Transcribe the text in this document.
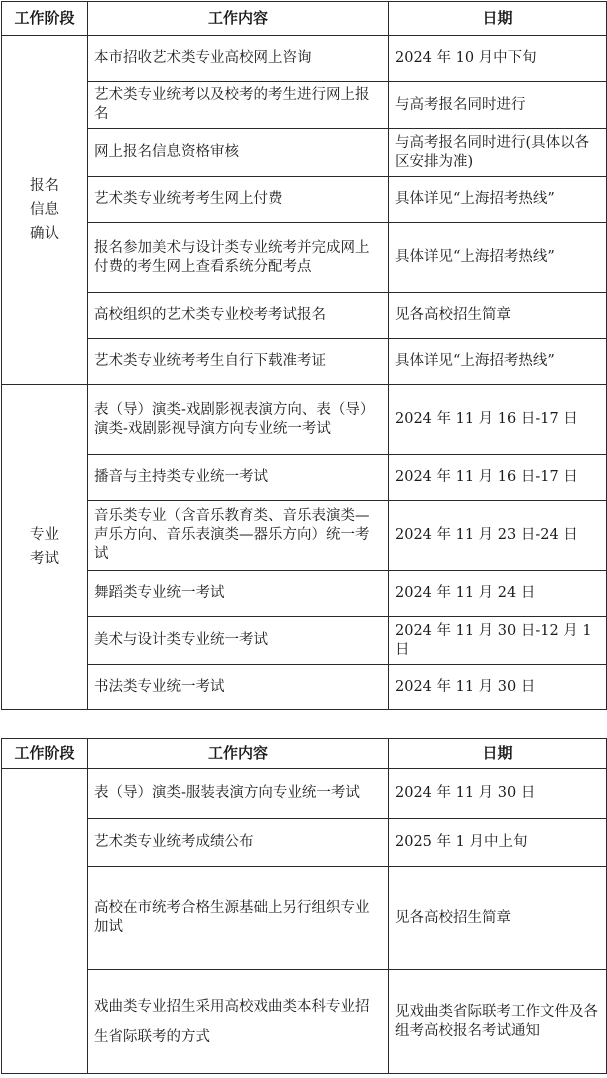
工作阶段	工作内容	日期
报名信息确认	本市招收艺术类专业高校网上咨询	2024 年 10 月中下旬
	艺术类专业统考以及校考的考生进行网上报名	与高考报名同时进行
	网上报名信息资格审核	与高考报名同时进行(具体以各区安排为准)
	艺术类专业统考考生网上付费	具体详见“上海招考热线”
	报名参加美术与设计类专业统考并完成网上付费的考生网上查看系统分配考点	具体详见“上海招考热线”
	高校组织的艺术类专业校考考试报名	见各高校招生简章
	艺术类专业统考考生自行下载准考证	具体详见“上海招考热线”
专业考试	表（导）演类-戏剧影视表演方向、表（导）演类-戏剧影视导演方向专业统一考试	2024 年 11 月 16 日-17 日
	播音与主持类专业统一考试	2024 年 11 月 16 日-17 日
	音乐类专业（含音乐教育类、音乐表演类—声乐方向、音乐表演类—器乐方向）统一考试	2024 年 11 月 23 日-24 日
	舞蹈类专业统一考试	2024 年 11 月 24 日
	美术与设计类专业统一考试	2024 年 11 月 30 日-12 月 1 日
	书法类专业统一考试	2024 年 11 月 30 日
工作阶段	工作内容	日期
	表（导）演类-服装表演方向专业统一考试	2024 年 11 月 30 日
	艺术类专业统考成绩公布	2025 年 1 月中上旬
	高校在市统考合格生源基础上另行组织专业加试	见各高校招生简章
	戏曲类专业招生采用高校戏曲类本科专业招生省际联考的方式	见戏曲类省际联考工作文件及各组考高校报名考试通知
